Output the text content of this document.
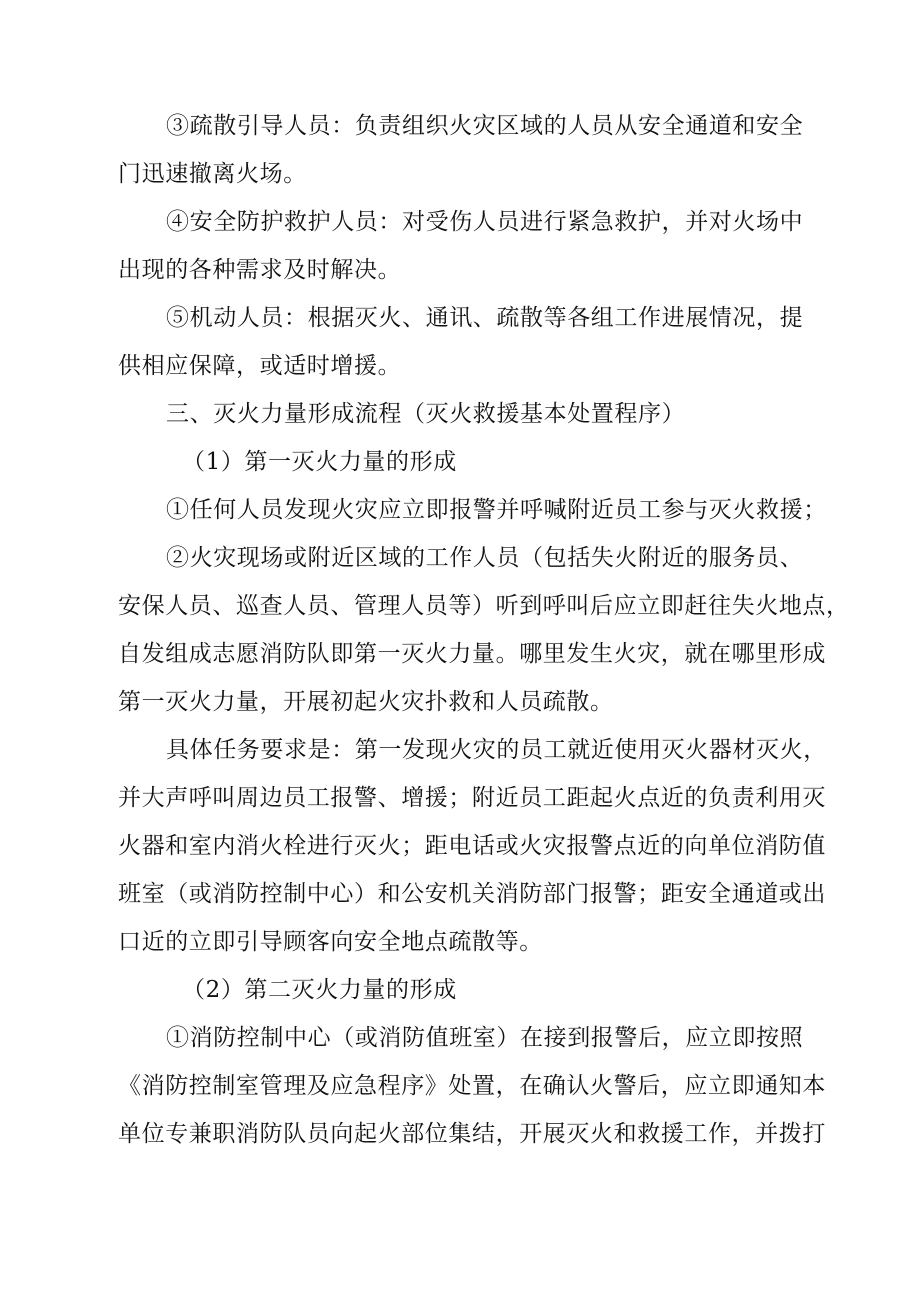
③疏散引导人员：负责组织火灾区域的人员从安全通道和安全
门迅速撤离火场。
④安全防护救护人员：对受伤人员进行紧急救护，并对火场中
出现的各种需求及时解决。
⑤机动人员：根据灭火、通讯、疏散等各组工作进展情况，提
供相应保障，或适时增援。
三、灭火力量形成流程（灭火救援基本处置程序）
（1）第一灭火力量的形成
①任何人员发现火灾应立即报警并呼喊附近员工参与灭火救援；
②火灾现场或附近区域的工作人员（包括失火附近的服务员、
安保人员、巡查人员、管理人员等）听到呼叫后应立即赶往失火地点，
自发组成志愿消防队即第一灭火力量。哪里发生火灾，就在哪里形成
第一灭火力量，开展初起火灾扑救和人员疏散。
具体任务要求是：第一发现火灾的员工就近使用灭火器材灭火，
并大声呼叫周边员工报警、增援；附近员工距起火点近的负责利用灭
火器和室内消火栓进行灭火；距电话或火灾报警点近的向单位消防值
班室（或消防控制中心）和公安机关消防部门报警；距安全通道或出
口近的立即引导顾客向安全地点疏散等。
（2）第二灭火力量的形成
①消防控制中心（或消防值班室）在接到报警后，应立即按照
《消防控制室管理及应急程序》处置，在确认火警后，应立即通知本
单位专兼职消防队员向起火部位集结，开展灭火和救援工作，并拨打
